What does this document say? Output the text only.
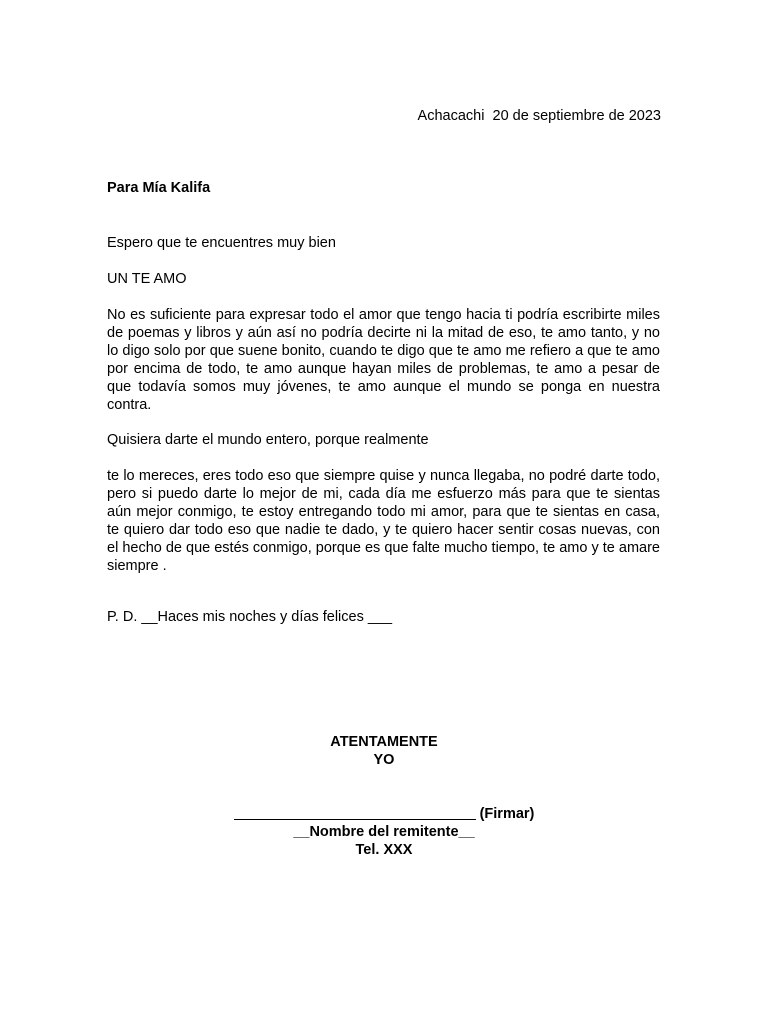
Achacachi  20 de septiembre de 2023
Para Mía Kalifa
Espero que te encuentres muy bien
UN TE AMO
No es suficiente para expresar todo el amor que tengo hacia ti podría escribirte miles de poemas y libros y aún así no podría decirte ni la mitad de eso, te amo tanto, y no lo digo solo por que suene bonito, cuando te digo que te amo me refiero a que te amo por encima de todo, te amo aunque hayan miles de problemas, te amo a pesar de que todavía somos muy jóvenes, te amo aunque el mundo se ponga en nuestra contra.
Quisiera darte el mundo entero, porque realmente
te lo mereces, eres todo eso que siempre quise y nunca llegaba, no podré darte todo, pero si puedo darte lo mejor de mi, cada día me esfuerzo más para que te sientas aún mejor conmigo, te estoy entregando todo mi amor, para que te sientas en casa, te quiero dar todo eso que nadie te dado, y te quiero hacer sentir cosas nuevas, con el hecho de que estés conmigo, porque es que falte mucho tiempo, te amo y te amare siempre .
P. D. __Haces mis noches y días felices ___
ATENTAMENTE
YO
(Firmar)
__Nombre del remitente__
Tel. XXX
